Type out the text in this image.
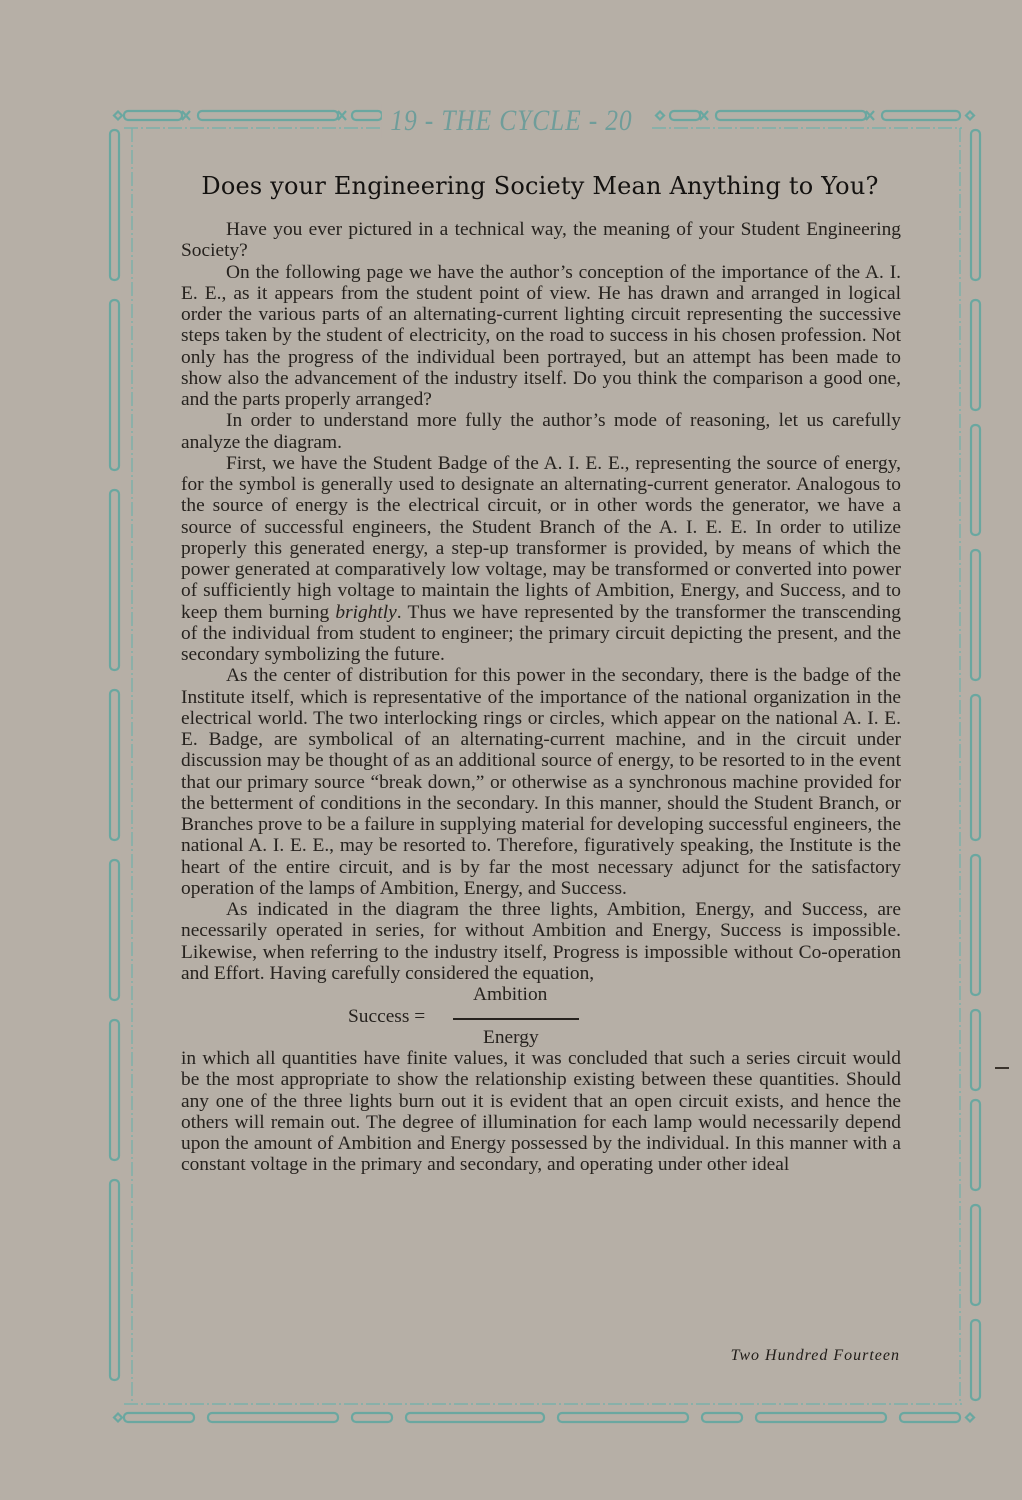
19 - THE CYCLE - 20
Does your Engineering Society Mean Anything to You?

Have you ever pictured in a technical way, the meaning of your Student Engineering Society?

On the following page we have the author’s conception of the importance of the A. I. E. E., as it appears from the student point of view. He has drawn and arranged in logical order the various parts of an alternating-current lighting circuit representing the successive steps taken by the student of electricity, on the road to success in his chosen profession. Not only has the progress of the individual been portrayed, but an attempt has been made to show also the advancement of the industry itself. Do you think the comparison a good one, and the parts properly arranged?

In order to understand more fully the author’s mode of reasoning, let us carefully analyze the diagram.

First, we have the Student Badge of the A. I. E. E., representing the source of energy, for the symbol is generally used to designate an alternating-current generator. Analogous to the source of energy is the electrical circuit, or in other words the generator, we have a source of successful engineers, the Student Branch of the A. I. E. E. In order to utilize properly this generated energy, a step-up transformer is provided, by means of which the power generated at comparatively low voltage, may be transformed or converted into power of sufficiently high voltage to maintain the lights of Ambition, Energy, and Success, and to keep them burning brightly. Thus we have represented by the transformer the transcending of the individual from student to engineer; the primary circuit depicting the present, and the secondary symbolizing the future.

As the center of distribution for this power in the secondary, there is the badge of the Institute itself, which is representative of the importance of the national organization in the electrical world. The two interlocking rings or circles, which appear on the national A. I. E. E. Badge, are symbolical of an alternating-current machine, and in the circuit under discussion may be thought of as an additional source of energy, to be resorted to in the event that our primary source “break down,” or otherwise as a synchronous machine provided for the betterment of conditions in the secondary. In this manner, should the Student Branch, or Branches prove to be a failure in supplying material for developing successful engineers, the national A. I. E. E., may be resorted to. Therefore, figuratively speaking, the Institute is the heart of the entire circuit, and is by far the most necessary adjunct for the satisfactory operation of the lamps of Ambition, Energy, and Success.

As indicated in the diagram the three lights, Ambition, Energy, and Success, are necessarily operated in series, for without Ambition and Energy, Success is impossible. Likewise, when referring to the industry itself, Progress is impossible without Co-operation and Effort. Having carefully considered the equation,

Success =
Ambition
Energy

in which all quantities have finite values, it was concluded that such a series circuit would be the most appropriate to show the relationship existing between these quantities. Should any one of the three lights burn out it is evident that an open circuit exists, and hence the others will remain out. The degree of illumination for each lamp would necessarily depend upon the amount of Ambition and Energy possessed by the individual. In this manner with a constant voltage in the primary and secondary, and operating under other ideal

Two Hundred Fourteen
